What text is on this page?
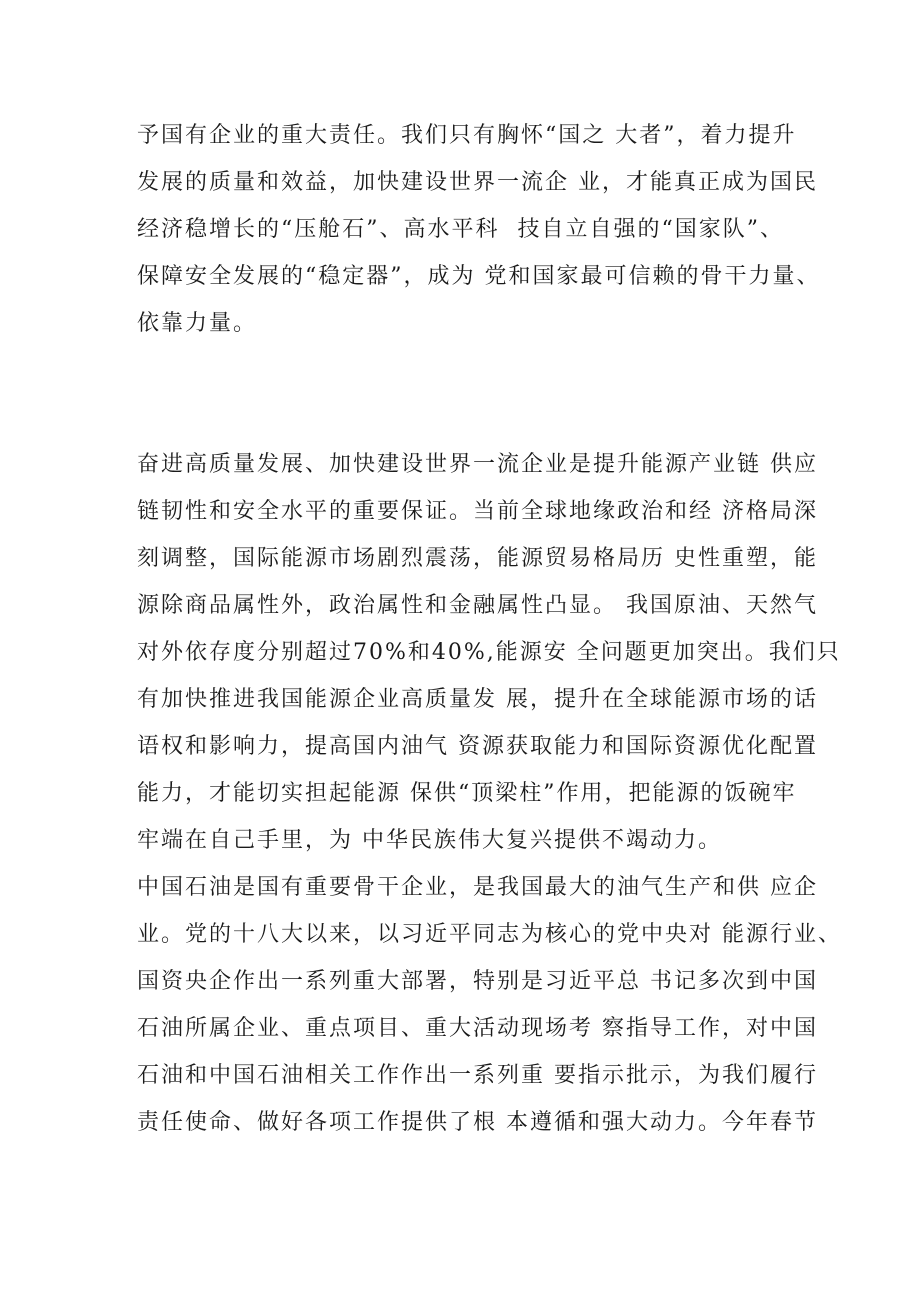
予国有企业的重大责任。我们只有胸怀“国之 大者”，着力提升
发展的质量和效益，加快建设世界一流企 业，才能真正成为国民
经济稳增长的“压舱石”、高水平科  技自立自强的“国家队”、
保障安全发展的“稳定器”，成为 党和国家最可信赖的骨干力量、
依靠力量。
奋进高质量发展、加快建设世界一流企业是提升能源产业链 供应
链韧性和安全水平的重要保证。当前全球地缘政治和经 济格局深
刻调整，国际能源市场剧烈震荡，能源贸易格局历 史性重塑，能
源除商品属性外，政治属性和金融属性凸显。 我国原油、天然气
对外依存度分别超过70%和40%,能源安 全问题更加突出。我们只
有加快推进我国能源企业高质量发 展，提升在全球能源市场的话
语权和影响力，提高国内油气 资源获取能力和国际资源优化配置
能力，才能切实担起能源 保供“顶梁柱”作用，把能源的饭碗牢
牢端在自己手里，为 中华民族伟大复兴提供不竭动力。
中国石油是国有重要骨干企业，是我国最大的油气生产和供 应企
业。党的十八大以来，以习近平同志为核心的党中央对 能源行业、
国资央企作出一系列重大部署，特别是习近平总 书记多次到中国
石油所属企业、重点项目、重大活动现场考 察指导工作，对中国
石油和中国石油相关工作作出一系列重 要指示批示，为我们履行
责任使命、做好各项工作提供了根 本遵循和强大动力。今年春节
